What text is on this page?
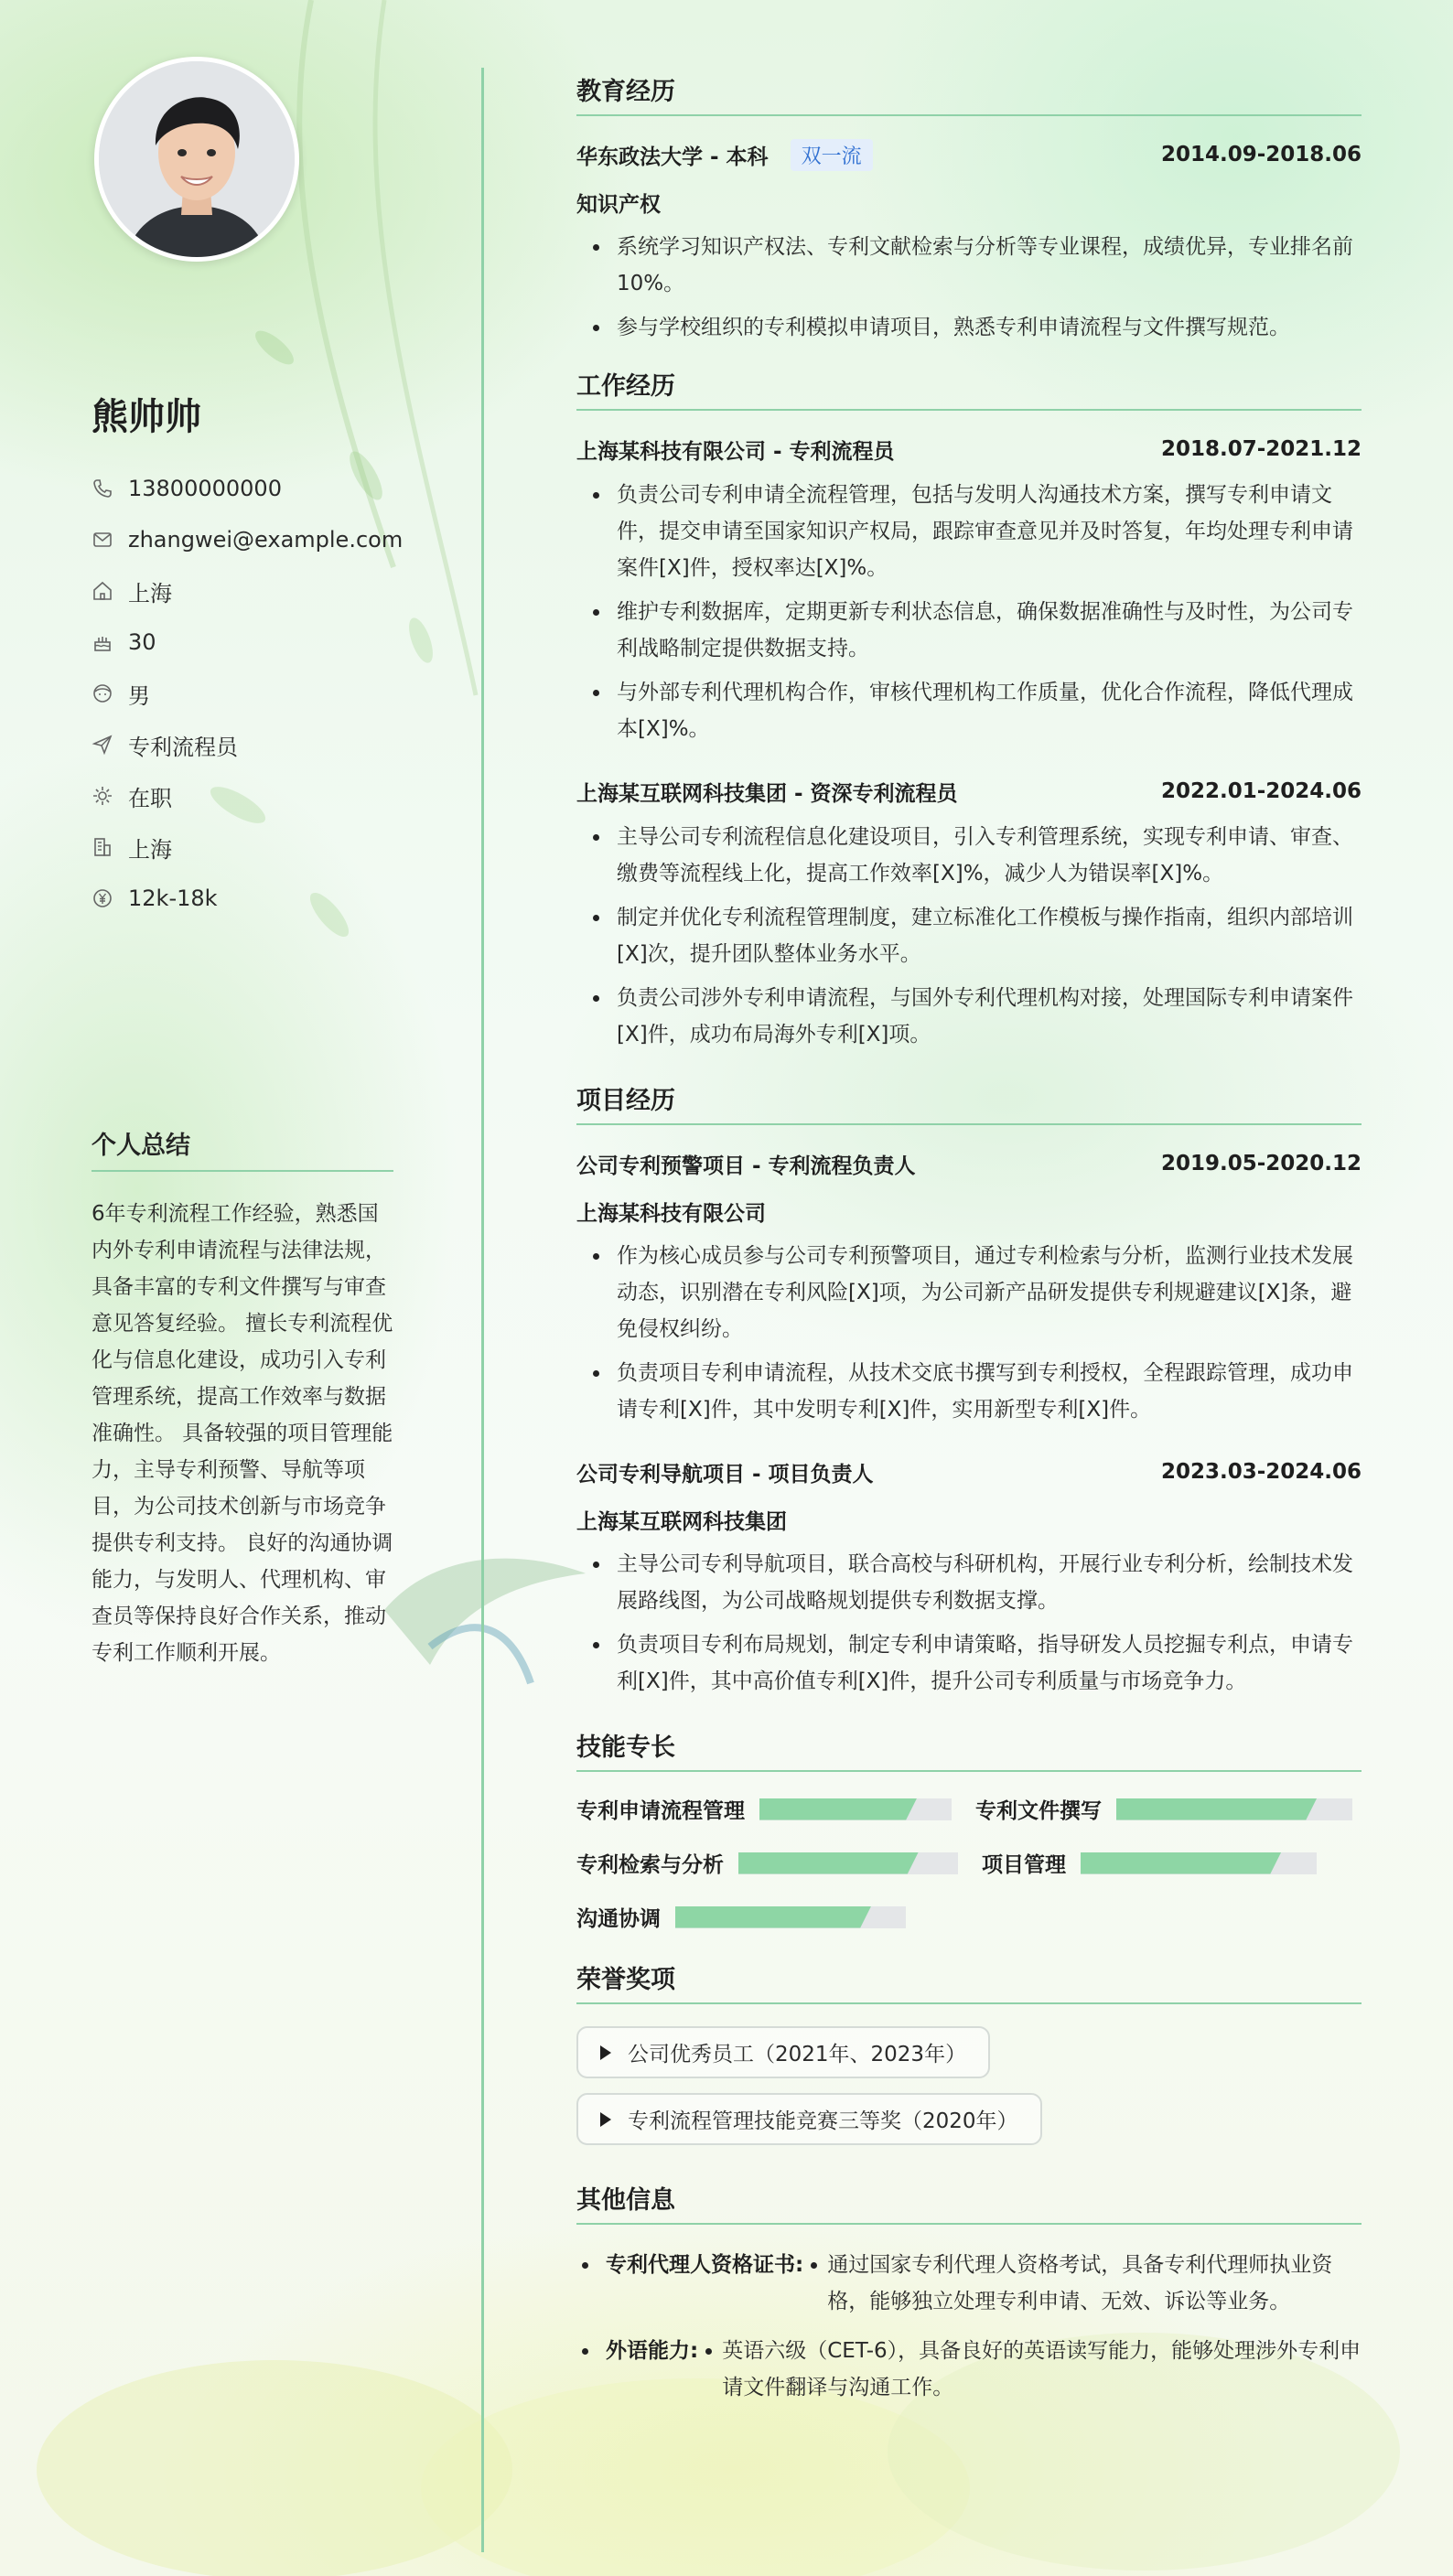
熊帅帅
13800000000
zhangwei@example.com
上海
30
男
专利流程员
在职
上海
12k-18k
个人总结

6年专利流程工作经验，熟悉国内外专利申请流程与法律法规，具备丰富的专利文件撰写与审查意见答复经验。 擅长专利流程优化与信息化建设，成功引入专利管理系统，提高工作效率与数据准确性。 具备较强的项目管理能力，主导专利预警、导航等项目，为公司技术创新与市场竞争提供专利支持。 良好的沟通协调能力，与发明人、代理机构、审查员等保持良好合作关系，推动专利工作顺利开展。

教育经历
华东政法大学 - 本科	双一流	2014.09-2018.06
知识产权
系统学习知识产权法、专利文献检索与分析等专业课程，成绩优异，专业排名前10%。
参与学校组织的专利模拟申请项目，熟悉专利申请流程与文件撰写规范。
工作经历
上海某科技有限公司 - 专利流程员	2018.07-2021.12
负责公司专利申请全流程管理，包括与发明人沟通技术方案，撰写专利申请文件，提交申请至国家知识产权局，跟踪审查意见并及时答复，年均处理专利申请案件[X]件，授权率达[X]%。
维护专利数据库，定期更新专利状态信息，确保数据准确性与及时性，为公司专利战略制定提供数据支持。
与外部专利代理机构合作，审核代理机构工作质量，优化合作流程，降低代理成本[X]%。
上海某互联网科技集团 - 资深专利流程员	2022.01-2024.06
主导公司专利流程信息化建设项目，引入专利管理系统，实现专利申请、审查、缴费等流程线上化，提高工作效率[X]%，减少人为错误率[X]%。
制定并优化专利流程管理制度，建立标准化工作模板与操作指南，组织内部培训[X]次，提升团队整体业务水平。
负责公司涉外专利申请流程，与国外专利代理机构对接，处理国际专利申请案件[X]件，成功布局海外专利[X]项。
项目经历
公司专利预警项目 - 专利流程负责人	2019.05-2020.12
上海某科技有限公司
作为核心成员参与公司专利预警项目，通过专利检索与分析，监测行业技术发展动态，识别潜在专利风险[X]项，为公司新产品研发提供专利规避建议[X]条，避免侵权纠纷。
负责项目专利申请流程，从技术交底书撰写到专利授权，全程跟踪管理，成功申请专利[X]件，其中发明专利[X]件，实用新型专利[X]件。
公司专利导航项目 - 项目负责人	2023.03-2024.06
上海某互联网科技集团
主导公司专利导航项目，联合高校与科研机构，开展行业专利分析，绘制技术发展路线图，为公司战略规划提供专利数据支撑。
负责项目专利布局规划，制定专利申请策略，指导研发人员挖掘专利点，申请专利[X]件，其中高价值专利[X]件，提升公司专利质量与市场竞争力。
技能专长
专利申请流程管理	专利文件撰写
专利检索与分析	项目管理
沟通协调
荣誉奖项
公司优秀员工（2021年、2023年）

专利流程管理技能竞赛三等奖（2020年）
其他信息
专利代理人资格证书:	通过国家专利代理人资格考试，具备专利代理师执业资格，能够独立处理专利申请、无效、诉讼等业务。
外语能力:	英语六级（CET-6），具备良好的英语读写能力，能够处理涉外专利申请文件翻译与沟通工作。
